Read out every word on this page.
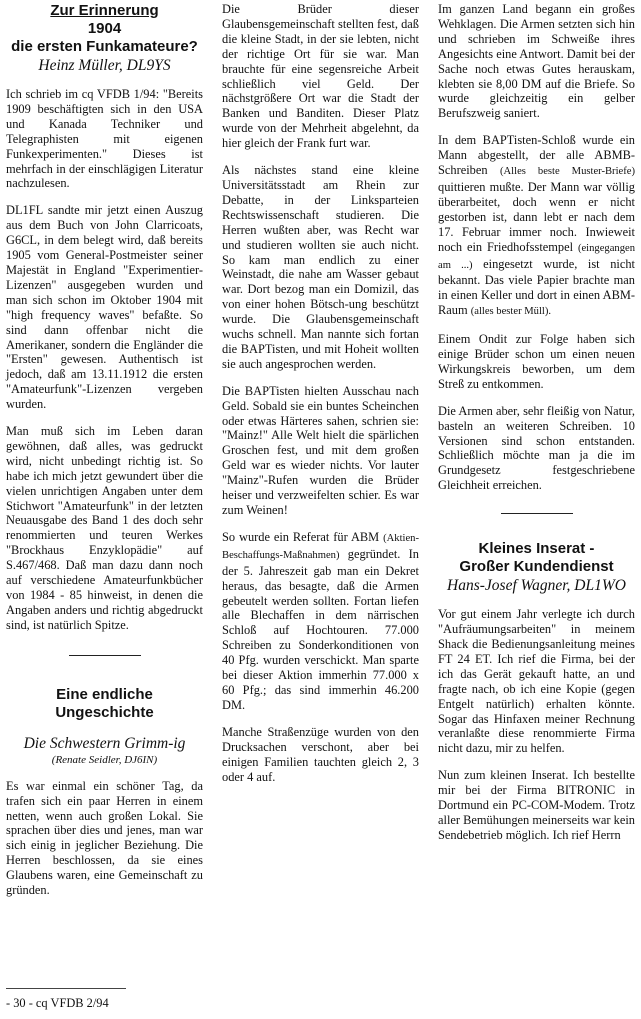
Zur Erinnerung
1904
die ersten Funkamateure?

Heinz Müller, DL9YS

Ich schrieb im cq VFDB 1/94: "Bereits 1909 beschäftigten sich in den USA und Kanada Techniker und Telegraphisten mit eigenen Funkexperimenten." Dieses ist mehrfach in der einschlägigen Literatur nachzulesen.

DL1FL sandte mir jetzt einen Auszug aus dem Buch von John Clarricoats, G6CL, in dem belegt wird, daß bereits 1905 vom General-Postmeister seiner Majestät in England "Experimentier-Lizenzen" ausgegeben wurden und man sich schon im Oktober 1904 mit "high frequency waves" befaßte. So sind dann offenbar nicht die Amerikaner, sondern die Engländer die "Ersten" gewesen. Authentisch ist jedoch, daß am 13.11.1912 die ersten "Amateurfunk"-Lizenzen vergeben wurden.

Man muß sich im Leben daran gewöhnen, daß alles, was gedruckt wird, nicht unbedingt richtig ist. So habe ich mich jetzt gewundert über die vielen unrichtigen Angaben unter dem Stichwort "Amateurfunk" in der letzten Neuausgabe des Band 1 des doch sehr renommierten und teuren Werkes "Brockhaus Enzyklopädie" auf S.467/468. Daß man dazu dann noch auf verschiedene Amateurfunkbücher von 1984 - 85 hinweist, in denen die Angaben anders und richtig abgedruckt sind, ist natürlich Spitze.

Eine endliche Ungeschichte

Die Schwestern Grimm-ig

(Renate Seidler, DJ6IN)

Es war einmal ein schöner Tag, da trafen sich ein paar Herren in einem netten, wenn auch großen Lokal. Sie sprachen über dies und jenes, man war sich einig in jeglicher Beziehung. Die Herren beschlossen, da sie eines Glaubens waren, eine Gemeinschaft zu gründen.

Die Brüder dieser Glaubensgemeinschaft stellten fest, daß die kleine Stadt, in der sie lebten, nicht der richtige Ort für sie war. Man brauchte für eine segensreiche Arbeit schließlich viel Geld. Der nächstgrößere Ort war die Stadt der Banken und Banditen. Dieser Platz wurde von der Mehrheit abgelehnt, da hier gleich der Frank furt war.

Als nächstes stand eine kleine Universitätsstadt am Rhein zur Debatte, in der Linksparteien Rechtswissenschaft studieren. Die Herren wußten aber, was Recht war und studieren wollten sie auch nicht. So kam man endlich zu einer Weinstadt, die nahe am Wasser gebaut war. Dort bezog man ein Domizil, das von einer hohen Bötsch-ung beschützt wurde. Die Glaubensgemeinschaft wuchs schnell. Man nannte sich fortan die BAPTisten, und mit Hoheit wollten sie auch angesprochen werden.

Die BAPTisten hielten Ausschau nach Geld. Sobald sie ein buntes Scheinchen oder etwas Härteres sahen, schrien sie: "Mainz!" Alle Welt hielt die spärlichen Groschen fest, und mit dem großen Geld war es wieder nichts. Vor lauter "Mainz"-Rufen wurden die Brüder heiser und verzweifelten schier. Es war zum Weinen!

So wurde ein Referat für ABM (Aktien-Beschaffungs-Maßnahmen) gegründet. In der 5. Jahreszeit gab man ein Dekret heraus, das besagte, daß die Armen gebeutelt werden sollten. Fortan liefen alle Blechaffen in dem närrischen Schloß auf Hochtouren. 77.000 Schreiben zu Sonderkonditionen von 40 Pfg. wurden verschickt. Man sparte bei dieser Aktion immerhin 77.000 x 60 Pfg.; das sind immerhin 46.200 DM.

Manche Straßenzüge wurden von den Drucksachen verschont, aber bei einigen Familien tauchten gleich 2, 3 oder 4 auf.

Im ganzen Land begann ein großes Wehklagen. Die Armen setzten sich hin und schrieben im Schweiße ihres Angesichts eine Antwort. Damit bei der Sache noch etwas Gutes herauskam, klebten sie 8,00 DM auf die Briefe. So wurde gleichzeitig ein gelber Berufszweig saniert.

In dem BAPTisten-Schloß wurde ein Mann abgestellt, der alle ABMB-Schreiben (Alles beste Muster-Briefe) quittieren mußte. Der Mann war völlig überarbeitet, doch wenn er nicht gestorben ist, dann lebt er nach dem 17. Februar immer noch. Inwieweit noch ein Friedhofsstempel (eingegangen am ...) eingesetzt wurde, ist nicht bekannt. Das viele Papier brachte man in einen Keller und dort in einen ABM-Raum (alles bester Müll).

Einem Ondit zur Folge haben sich einige Brüder schon um einen neuen Wirkungskreis beworben, um dem Streß zu entkommen.

Die Armen aber, sehr fleißig von Natur, basteln an weiteren Schreiben. 10 Versionen sind schon entstanden. Schließlich möchte man ja die im Grundgesetz festgeschriebene Gleichheit erreichen.

Kleines Inserat -
Großer Kundendienst

Hans-Josef Wagner, DL1WO

Vor gut einem Jahr verlegte ich durch "Aufräumungsarbeiten" in meinem Shack die Bedienungsanleitung meines FT 24 ET. Ich rief die Firma, bei der ich das Gerät gekauft hatte, an und fragte nach, ob ich eine Kopie (gegen Entgelt natürlich) erhalten könnte. Sogar das Hinfaxen meiner Rechnung veranlaßte diese renommierte Firma nicht dazu, mir zu helfen.

Nun zum kleinen Inserat. Ich bestellte mir bei der Firma BITRONIC in Dortmund ein PC-COM-Modem. Trotz aller Bemühungen meinerseits war kein Sendebetrieb möglich. Ich rief Herrn

- 30 - cq VFDB 2/94
